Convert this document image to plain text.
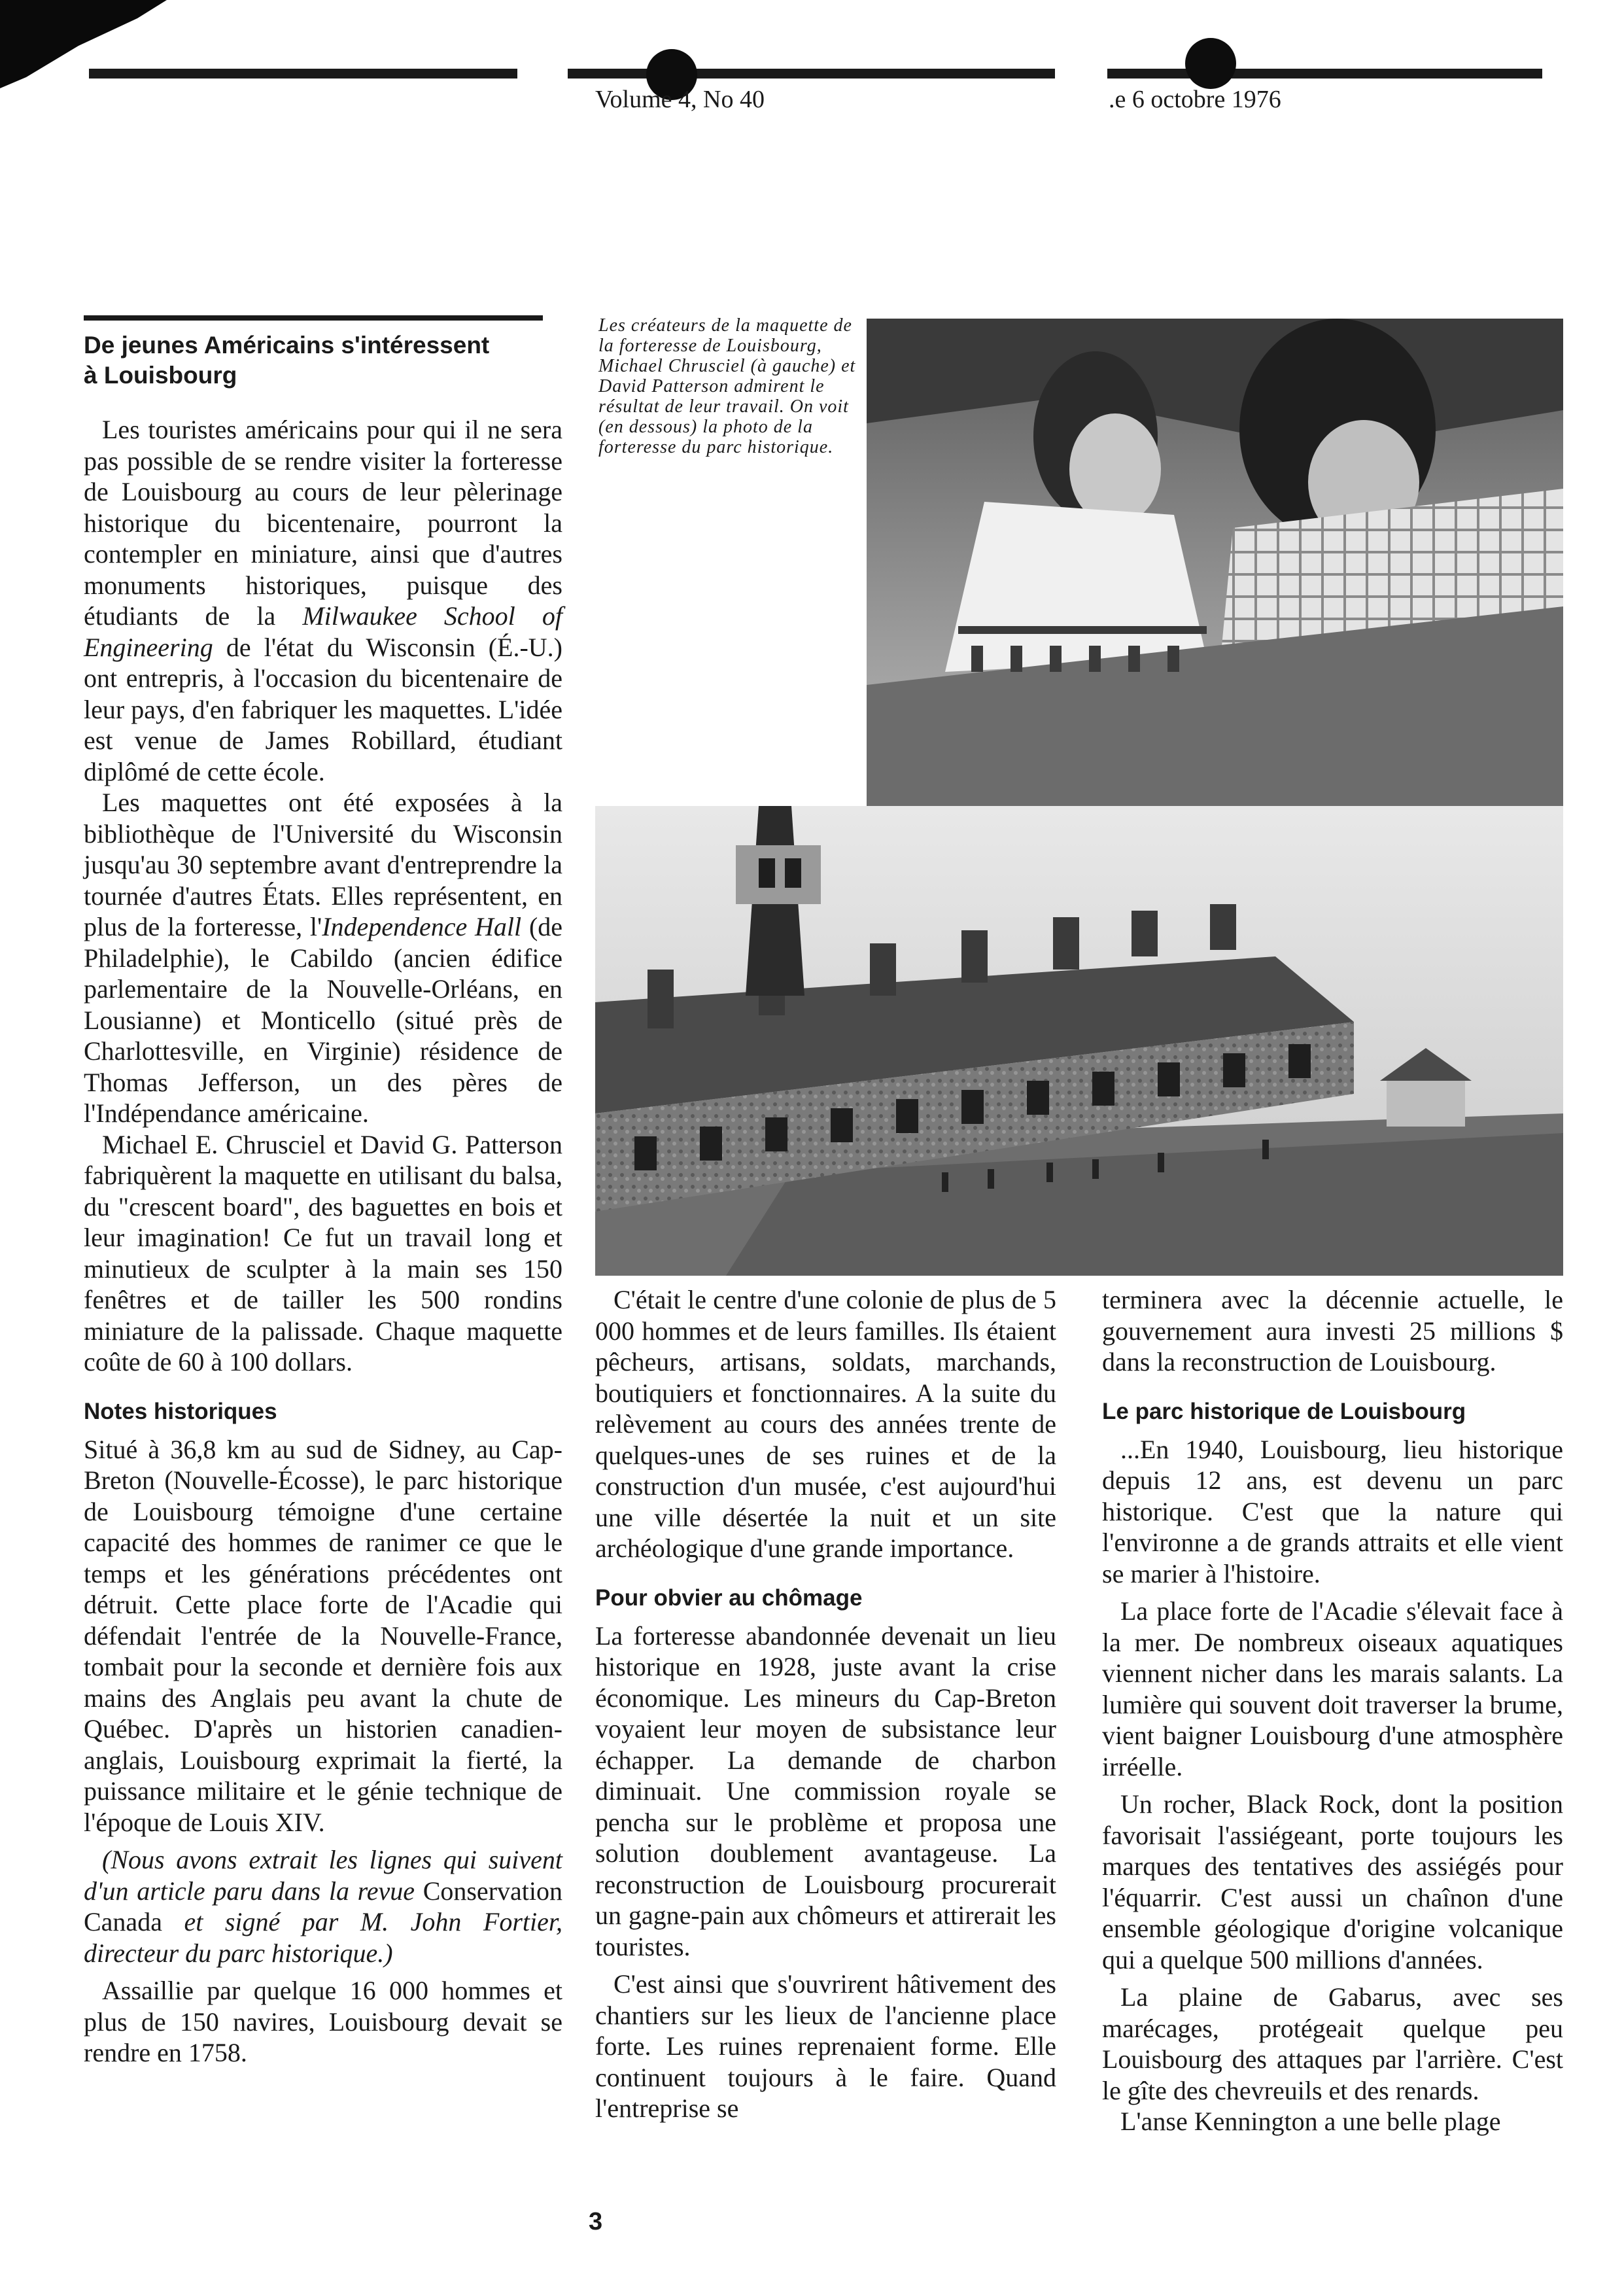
Volume 4, No 40	.e 6 octobre 1976
De jeunes Américains s'intéressent
à Louisbourg

Les touristes américains pour qui il ne sera pas possible de se rendre visiter la forteresse de Louisbourg au cours de leur pèlerinage historique du bicentenaire, pourront la contempler en miniature, ainsi que d'autres monuments historiques, puisque des étudiants de la Milwaukee School of Engineering de l'état du Wisconsin (É.-U.) ont entrepris, à l'occasion du bicentenaire de leur pays, d'en fabriquer les maquettes. L'idée est venue de James Robillard, étudiant diplômé de cette école.

Les maquettes ont été exposées à la bibliothèque de l'Université du Wisconsin jusqu'au 30 septembre avant d'entreprendre la tournée d'autres États. Elles représentent, en plus de la forteresse, l'Independence Hall (de Philadelphie), le Cabildo (ancien édifice parlementaire de la Nouvelle-Orléans, en Lousianne) et Monticello (situé près de Charlottesville, en Virginie) résidence de Thomas Jefferson, un des pères de l'Indépendance américaine.

Michael E. Chrusciel et David G. Patterson fabriquèrent la maquette en utilisant du balsa, du "crescent board", des baguettes en bois et leur imagination! Ce fut un travail long et minutieux de sculpter à la main ses 150 fenêtres et de tailler les 500 rondins miniature de la palissade. Chaque maquette coûte de 60 à 100 dollars.

Notes historiques

Situé à 36,8 km au sud de Sidney, au Cap-Breton (Nouvelle-Écosse), le parc historique de Louisbourg témoigne d'une certaine capacité des hommes de ranimer ce que le temps et les générations précédentes ont détruit. Cette place forte de l'Acadie qui défendait l'entrée de la Nouvelle-France, tombait pour la seconde et dernière fois aux mains des Anglais peu avant la chute de Québec. D'après un historien canadien-anglais, Louisbourg exprimait la fierté, la puissance militaire et le génie technique de l'époque de Louis XIV.

(Nous avons extrait les lignes qui suivent d'un article paru dans la revue Conservation Canada et signé par M. John Fortier, directeur du parc historique.)

Assaillie par quelque 16 000 hommes et plus de 150 navires, Louisbourg devait se rendre en 1758.

Les créateurs de la maquette de la forteresse de Louisbourg, Michael Chrusciel (à gauche) et David Patterson admirent le résultat de leur travail. On voit (en dessous) la photo de la forteresse du parc historique.

C'était le centre d'une colonie de plus de 5 000 hommes et de leurs familles. Ils étaient pêcheurs, artisans, soldats, marchands, boutiquiers et fonctionnaires. A la suite du relèvement au cours des années trente de quelques-unes de ses ruines et de la construction d'un musée, c'est aujourd'hui une ville désertée la nuit et un site archéologique d'une grande importance.

Pour obvier au chômage

La forteresse abandonnée devenait un lieu historique en 1928, juste avant la crise économique. Les mineurs du Cap-Breton voyaient leur moyen de subsistance leur échapper. La demande de charbon diminuait. Une commission royale se pencha sur le problème et proposa une solution doublement avantageuse. La reconstruction de Louisbourg procurerait un gagne-pain aux chômeurs et attirerait les touristes.

C'est ainsi que s'ouvrirent hâtivement des chantiers sur les lieux de l'ancienne place forte. Les ruines reprenaient forme. Elle continuent toujours à le faire. Quand l'entreprise se

terminera avec la décennie actuelle, le gouvernement aura investi 25 millions $ dans la reconstruction de Louisbourg.

Le parc historique de Louisbourg

...En 1940, Louisbourg, lieu historique depuis 12 ans, est devenu un parc historique. C'est que la nature qui l'environne a de grands attraits et elle vient se marier à l'histoire.

La place forte de l'Acadie s'élevait face à la mer. De nombreux oiseaux aquatiques viennent nicher dans les marais salants. La lumière qui souvent doit traverser la brume, vient baigner Louisbourg d'une atmosphère irréelle.

Un rocher, Black Rock, dont la position favorisait l'assiégeant, porte toujours les marques des tentatives des assiégés pour l'équarrir. C'est aussi un chaînon d'une ensemble géologique d'origine volcanique qui a quelque 500 millions d'années.

La plaine de Gabarus, avec ses marécages, protégeait quelque peu Louisbourg des attaques par l'arrière. C'est le gîte des chevreuils et des renards.

L'anse Kennington a une belle plage

3
